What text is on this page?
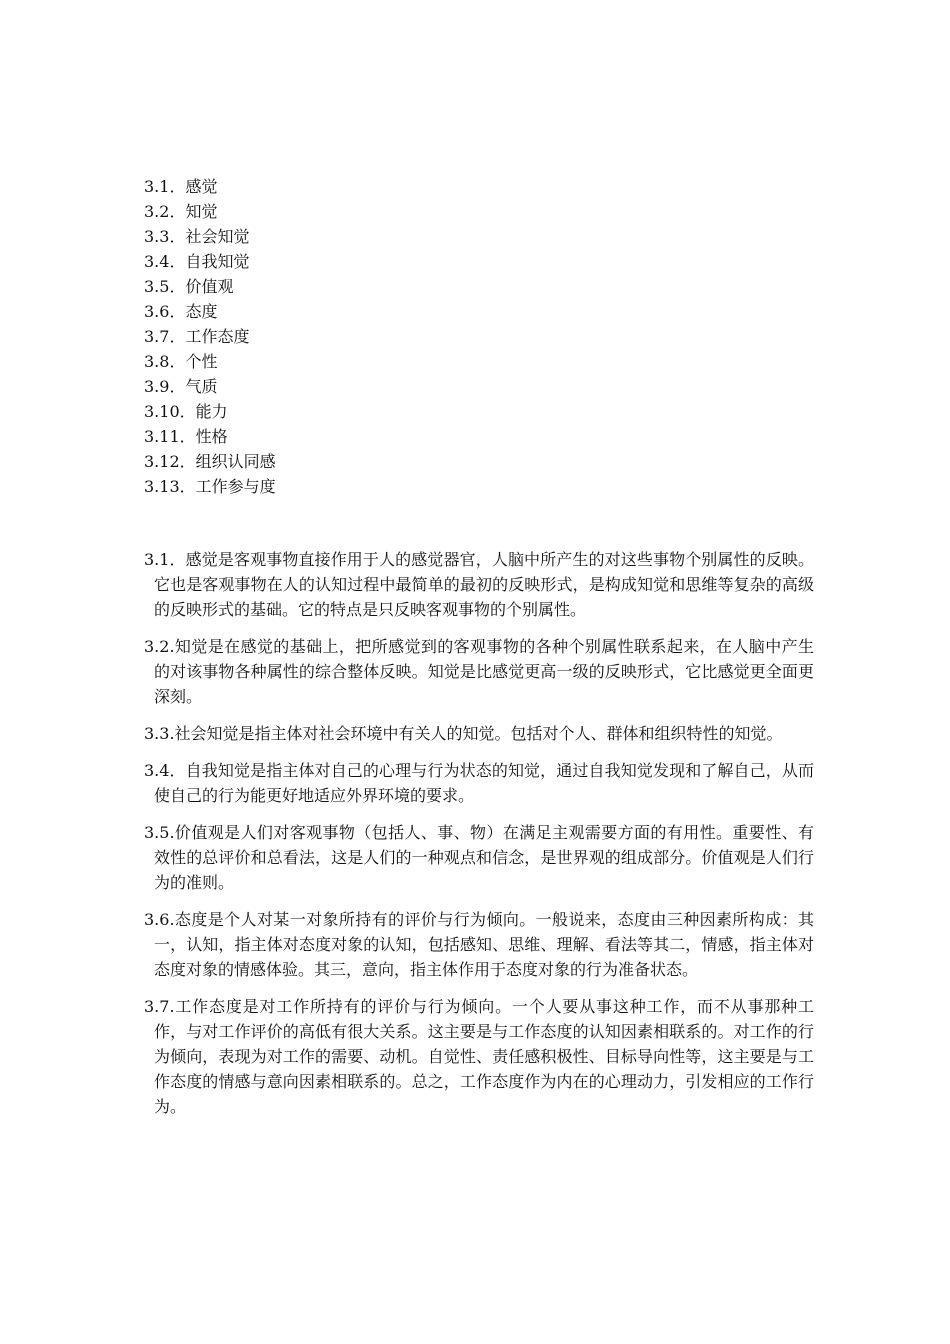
3.1．感觉
3.2．知觉
3.3．社会知觉
3.4．自我知觉
3.5．价值观
3.6．态度
3.7．工作态度
3.8．个性
3.9．气质
3.10．能力
3.11．性格
3.12．组织认同感
3.13．工作参与度

3.1．感觉是客观事物直接作用于人的感觉器官，人脑中所产生的对这些事物个别属性的反映。它也是客观事物在人的认知过程中最简单的最初的反映形式，是构成知觉和思维等复杂的高级的反映形式的基础。它的特点是只反映客观事物的个别属性。

3.2.知觉是在感觉的基础上，把所感觉到的客观事物的各种个别属性联系起来，在人脑中产生的对该事物各种属性的综合整体反映。知觉是比感觉更高一级的反映形式，它比感觉更全面更深刻。

3.3.社会知觉是指主体对社会环境中有关人的知觉。包括对个人、群体和组织特性的知觉。

3.4．自我知觉是指主体对自己的心理与行为状态的知觉，通过自我知觉发现和了解自己，从而使自己的行为能更好地适应外界环境的要求。

3.5.价值观是人们对客观事物（包括人、事、物）在满足主观需要方面的有用性。重要性、有效性的总评价和总看法，这是人们的一种观点和信念，是世界观的组成部分。价值观是人们行为的准则。

3.6.态度是个人对某一对象所持有的评价与行为倾向。一般说来，态度由三种因素所构成：其一，认知，指主体对态度对象的认知，包括感知、思维、理解、看法等其二，情感，指主体对态度对象的情感体验。其三，意向，指主体作用于态度对象的行为准备状态。

3.7.工作态度是对工作所持有的评价与行为倾向。一个人要从事这种工作，而不从事那种工作，与对工作评价的高低有很大关系。这主要是与工作态度的认知因素相联系的。对工作的行为倾向，表现为对工作的需要、动机。自觉性、责任感积极性、目标导向性等，这主要是与工作态度的情感与意向因素相联系的。总之，工作态度作为内在的心理动力，引发相应的工作行为。
